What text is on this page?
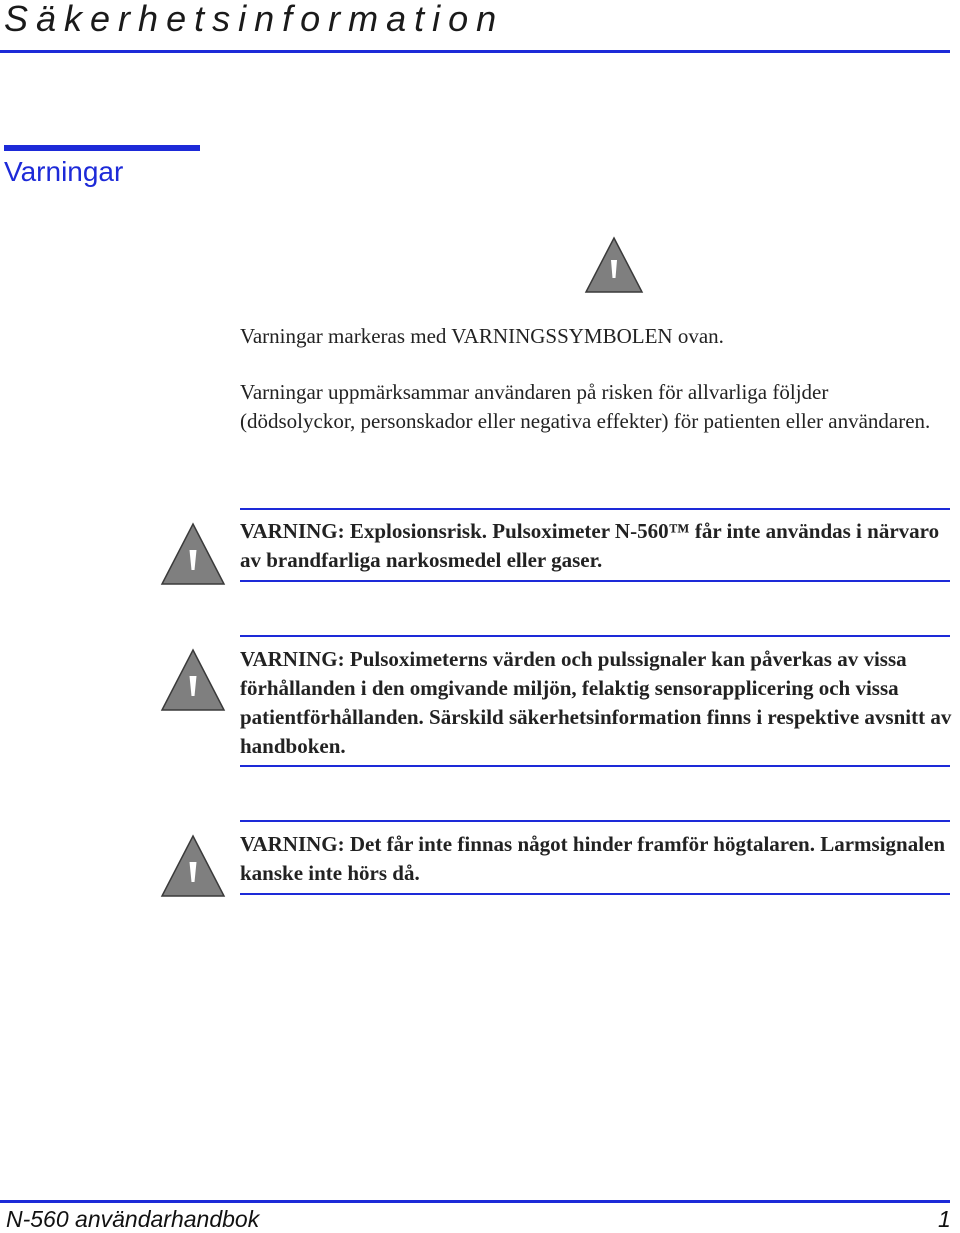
Säkerhetsinformation
Varningar
Varningar markeras med VARNINGSSYMBOLEN ovan.
Varningar uppmärksammar användaren på risken för allvarliga följder (dödsolyckor, personskador eller negativa effekter) för patienten eller användaren.
VARNING: Explosionsrisk. Pulsoximeter N-560™ får inte användas i närvaro av brandfarliga narkosmedel eller gaser.
VARNING: Pulsoximeterns värden och pulssignaler kan påverkas av vissa förhållanden i den omgivande miljön, felaktig sensorapplicering och vissa patientförhållanden. Särskild säkerhetsinformation finns i respektive avsnitt av handboken.
VARNING: Det får inte finnas något hinder framför högtalaren. Larmsignalen kanske inte hörs då.
N-560 användarhandbok	1
